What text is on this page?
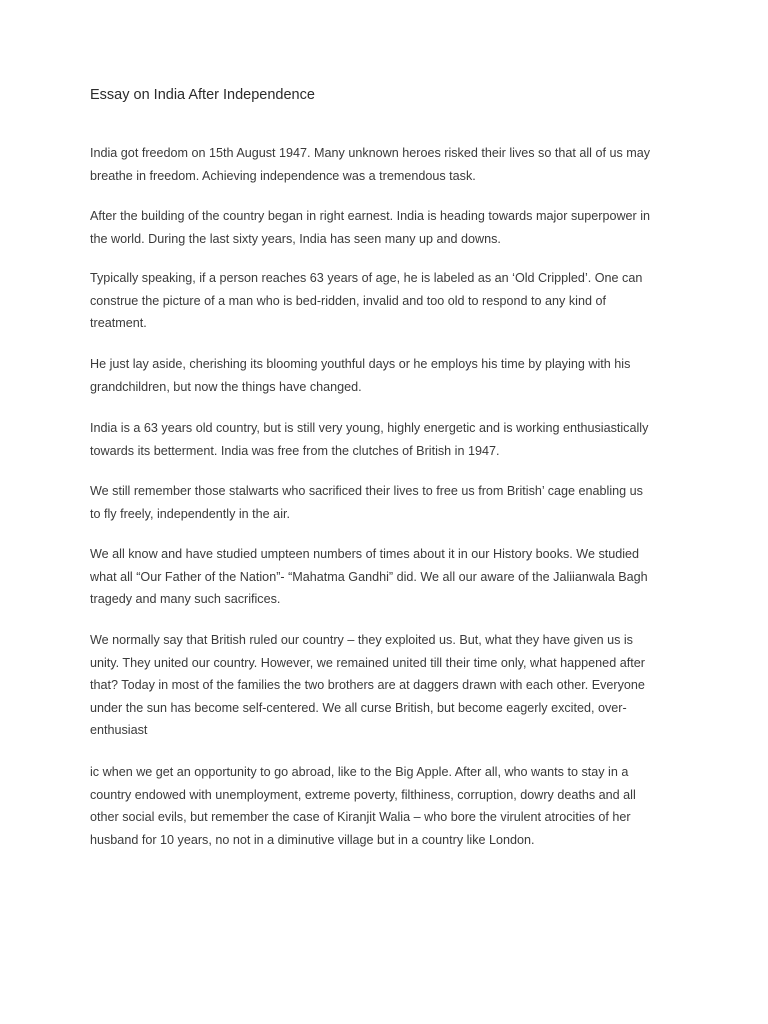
Essay on India After Independence

India got freedom on 15th August 1947. Many unknown heroes risked their lives so that all of us may
breathe in freedom. Achieving independence was a tremendous task.

After the building of the country began in right earnest. India is heading towards major superpower in
the world. During the last sixty years, India has seen many up and downs.

Typically speaking, if a person reaches 63 years of age, he is labeled as an ‘Old Crippled’. One can
construe the picture of a man who is bed-ridden, invalid and too old to respond to any kind of
treatment.

He just lay aside, cherishing its blooming youthful days or he employs his time by playing with his
grandchildren, but now the things have changed.

India is a 63 years old country, but is still very young, highly energetic and is working enthusiastically
towards its betterment. India was free from the clutches of British in 1947.

We still remember those stalwarts who sacrificed their lives to free us from British’ cage enabling us
to fly freely, independently in the air.

We all know and have studied umpteen numbers of times about it in our History books. We studied
what all “Our Father of the Nation”- “Mahatma Gandhi” did. We all our aware of the Jaliianwala Bagh
tragedy and many such sacrifices.

We normally say that British ruled our country – they exploited us. But, what they have given us is
unity. They united our country. However, we remained united till their time only, what happened after
that? Today in most of the families the two brothers are at daggers drawn with each other. Everyone
under the sun has become self-centered. We all curse British, but become eagerly excited, over-
enthusiast

ic when we get an opportunity to go abroad, like to the Big Apple. After all, who wants to stay in a
country endowed with unemployment, extreme poverty, filthiness, corruption, dowry deaths and all
other social evils, but remember the case of Kiranjit Walia – who bore the virulent atrocities of her
husband for 10 years, no not in a diminutive village but in a country like London.
